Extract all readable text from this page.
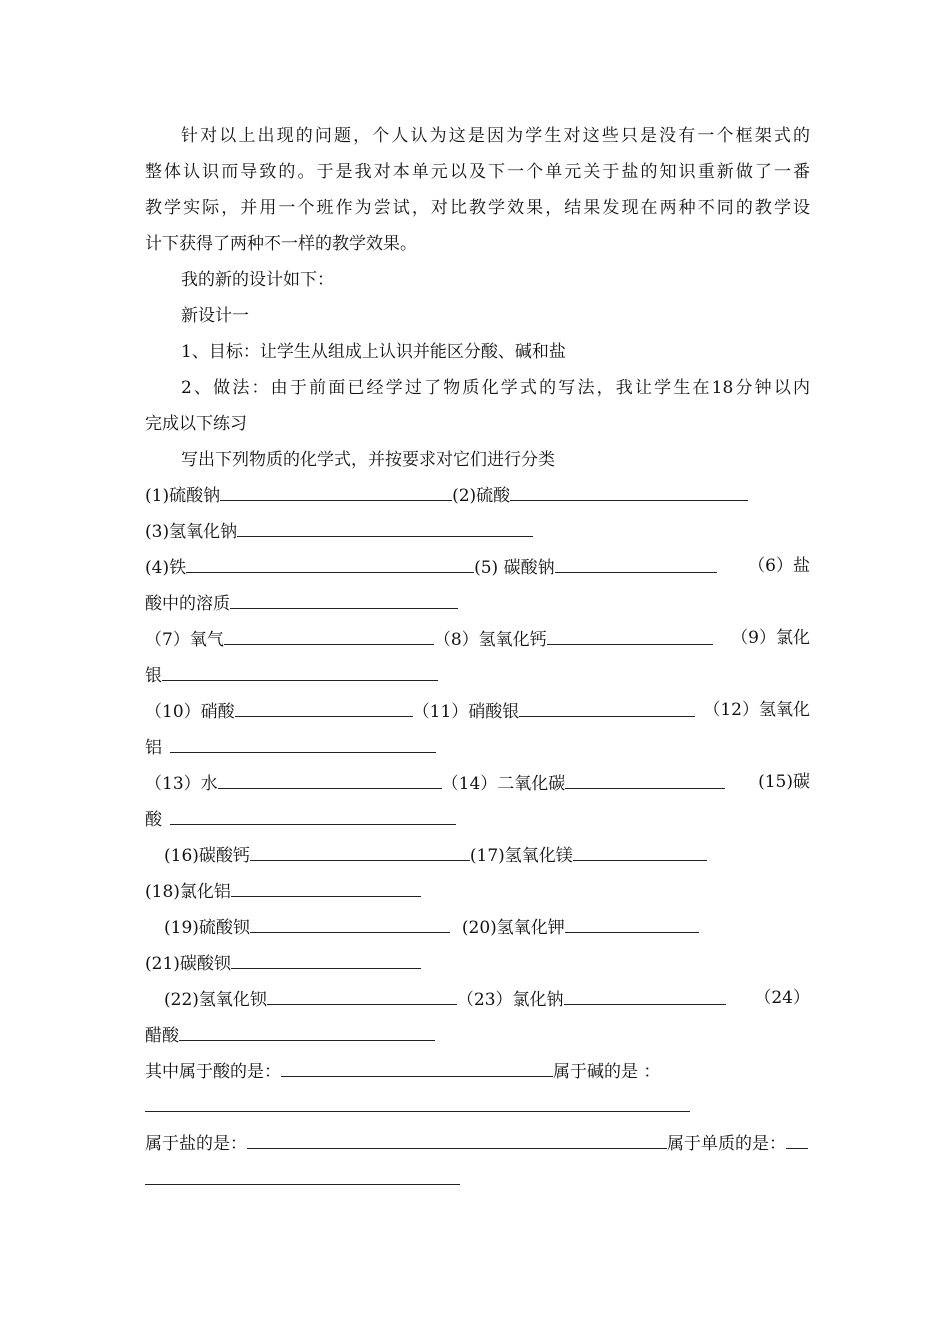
针对以上出现的问题，个人认为这是因为学生对这些只是没有一个框架式的
整体认识而导致的。于是我对本单元以及下一个单元关于盐的知识重新做了一番
教学实际，并用一个班作为尝试，对比教学效果，结果发现在两种不同的教学设
计下获得了两种不一样的教学效果。
我的新的设计如下：
新设计一
1、目标：让学生从组成上认识并能区分酸、碱和盐
2、做法：由于前面已经学过了物质化学式的写法，我让学生在18分钟以内
完成以下练习
写出下列物质的化学式，并按要求对它们进行分类
(1)硫酸钠	(2)硫酸
(3)氢氧化钠
(4)铁	(5) 碳酸钠	（6）盐
酸中的溶质
（7）氧气	（8）氢氧化钙	（9）氯化
银
（10）硝酸	（11）硝酸银	（12）氢氧化
铝
（13）水	（14）二氧化碳	(15)碳
酸
(16)碳酸钙	(17)氢氧化镁
(18)氯化铝
(19)硫酸钡	(20)氢氧化钾
(21)碳酸钡
(22)氢氧化钡	（23）氯化钠	（24）
醋酸
其中属于酸的是：	属于碱的是 ：
属于盐的是：	属于单质的是：
